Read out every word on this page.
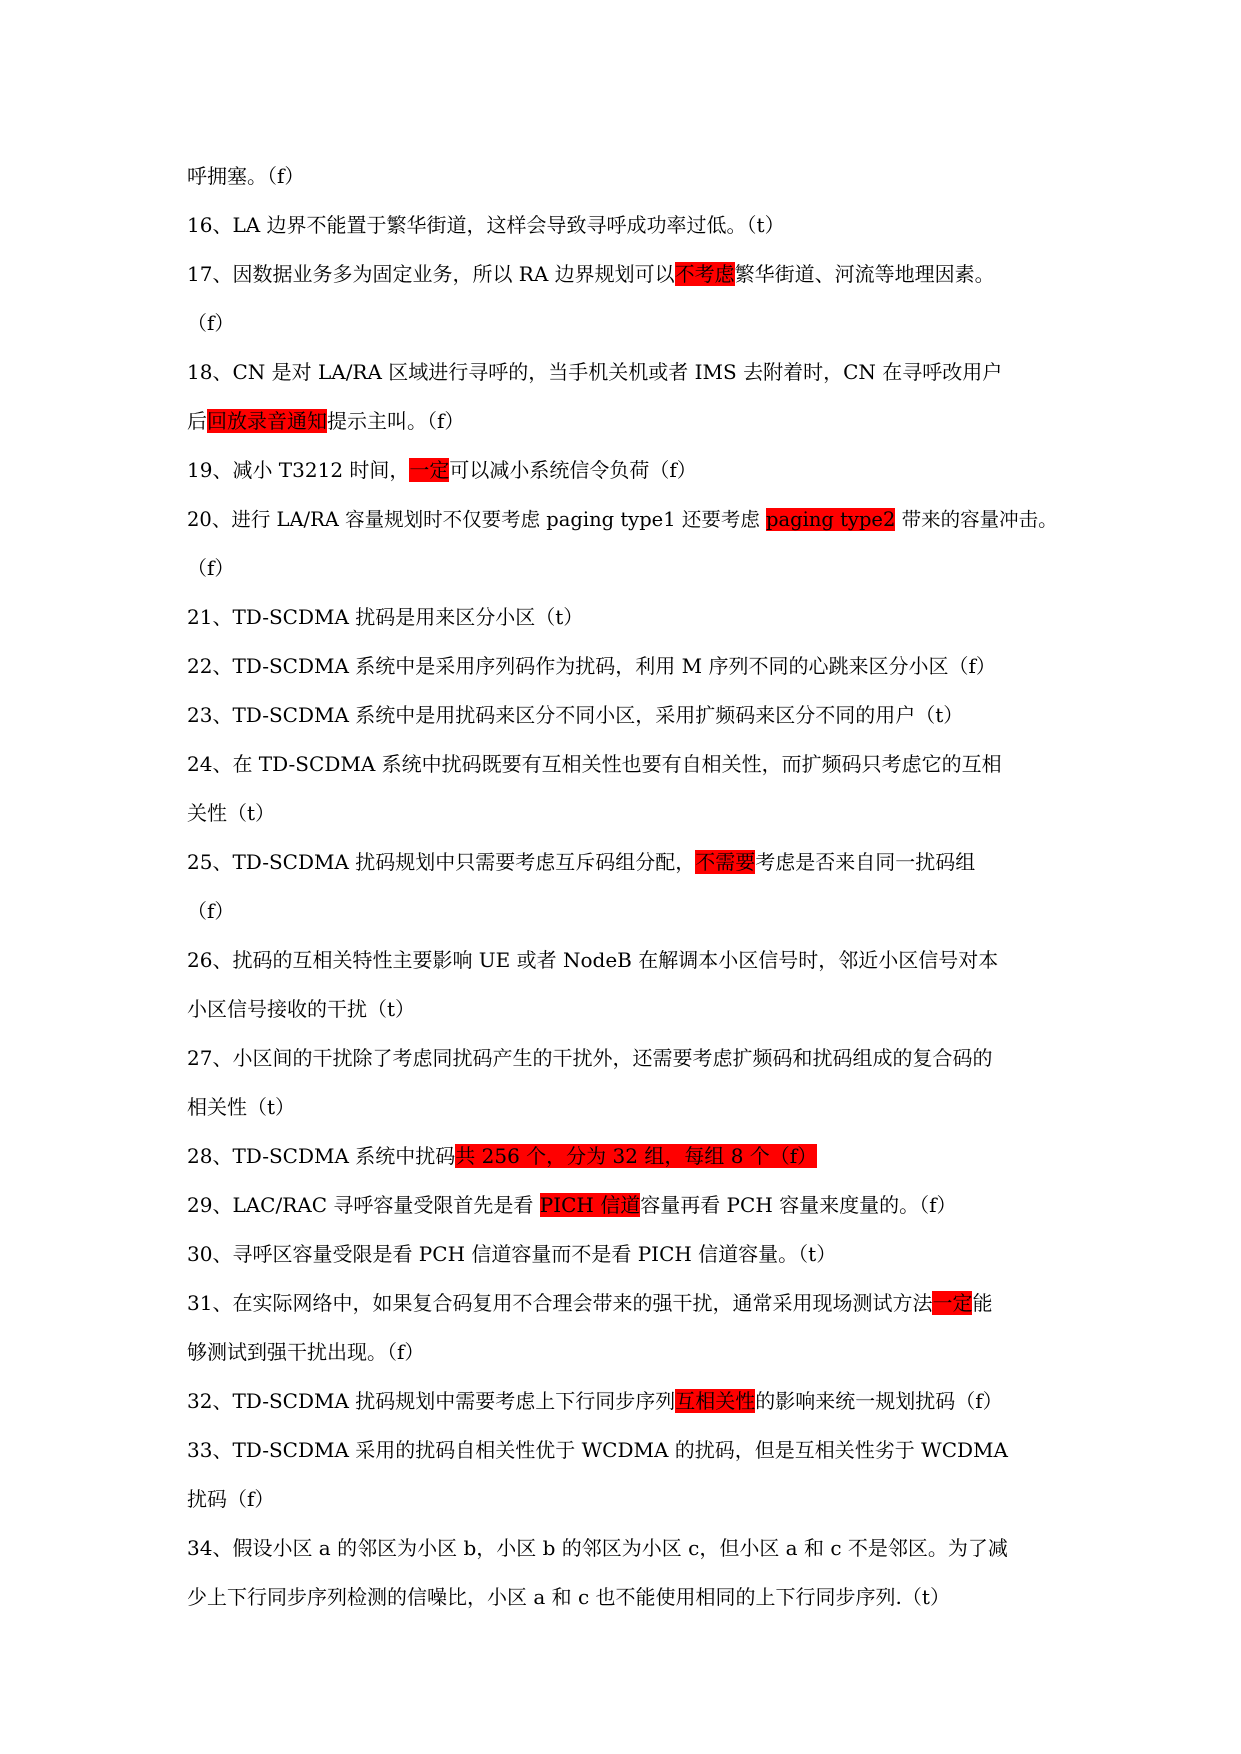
呼拥塞。（f）
16、LA 边界不能置于繁华街道，这样会导致寻呼成功率过低。（t）
17、因数据业务多为固定业务，所以 RA 边界规划可以不考虑繁华街道、河流等地理因素。
（f）
18、CN 是对 LA/RA 区域进行寻呼的，当手机关机或者 IMS 去附着时，CN 在寻呼改用户
后回放录音通知提示主叫。（f）
19、减小 T3212 时间，一定可以减小系统信令负荷（f）
20、进行 LA/RA 容量规划时不仅要考虑 paging type1 还要考虑 paging type2 带来的容量冲击。
（f）
21、TD-SCDMA 扰码是用来区分小区（t）
22、TD-SCDMA 系统中是采用序列码作为扰码，利用 M 序列不同的心跳来区分小区（f）
23、TD-SCDMA 系统中是用扰码来区分不同小区，采用扩频码来区分不同的用户（t）
24、在 TD-SCDMA 系统中扰码既要有互相关性也要有自相关性，而扩频码只考虑它的互相
关性（t）
25、TD-SCDMA 扰码规划中只需要考虑互斥码组分配，不需要考虑是否来自同一扰码组
（f）
26、扰码的互相关特性主要影响 UE 或者 NodeB 在解调本小区信号时，邻近小区信号对本
小区信号接收的干扰（t）
27、小区间的干扰除了考虑同扰码产生的干扰外，还需要考虑扩频码和扰码组成的复合码的
相关性（t）
28、TD-SCDMA 系统中扰码共 256 个，分为 32 组，每组 8 个（f）
29、LAC/RAC 寻呼容量受限首先是看 PICH 信道容量再看 PCH 容量来度量的。（f）
30、寻呼区容量受限是看 PCH 信道容量而不是看 PICH 信道容量。（t）
31、在实际网络中，如果复合码复用不合理会带来的强干扰，通常采用现场测试方法一定能
够测试到强干扰出现。（f）
32、TD-SCDMA 扰码规划中需要考虑上下行同步序列互相关性的影响来统一规划扰码（f）
33、TD-SCDMA 采用的扰码自相关性优于 WCDMA 的扰码，但是互相关性劣于 WCDMA
扰码（f）
34、假设小区 a 的邻区为小区 b，小区 b 的邻区为小区 c，但小区 a 和 c 不是邻区。为了减
少上下行同步序列检测的信噪比，小区 a 和 c 也不能使用相同的上下行同步序列.（t）
